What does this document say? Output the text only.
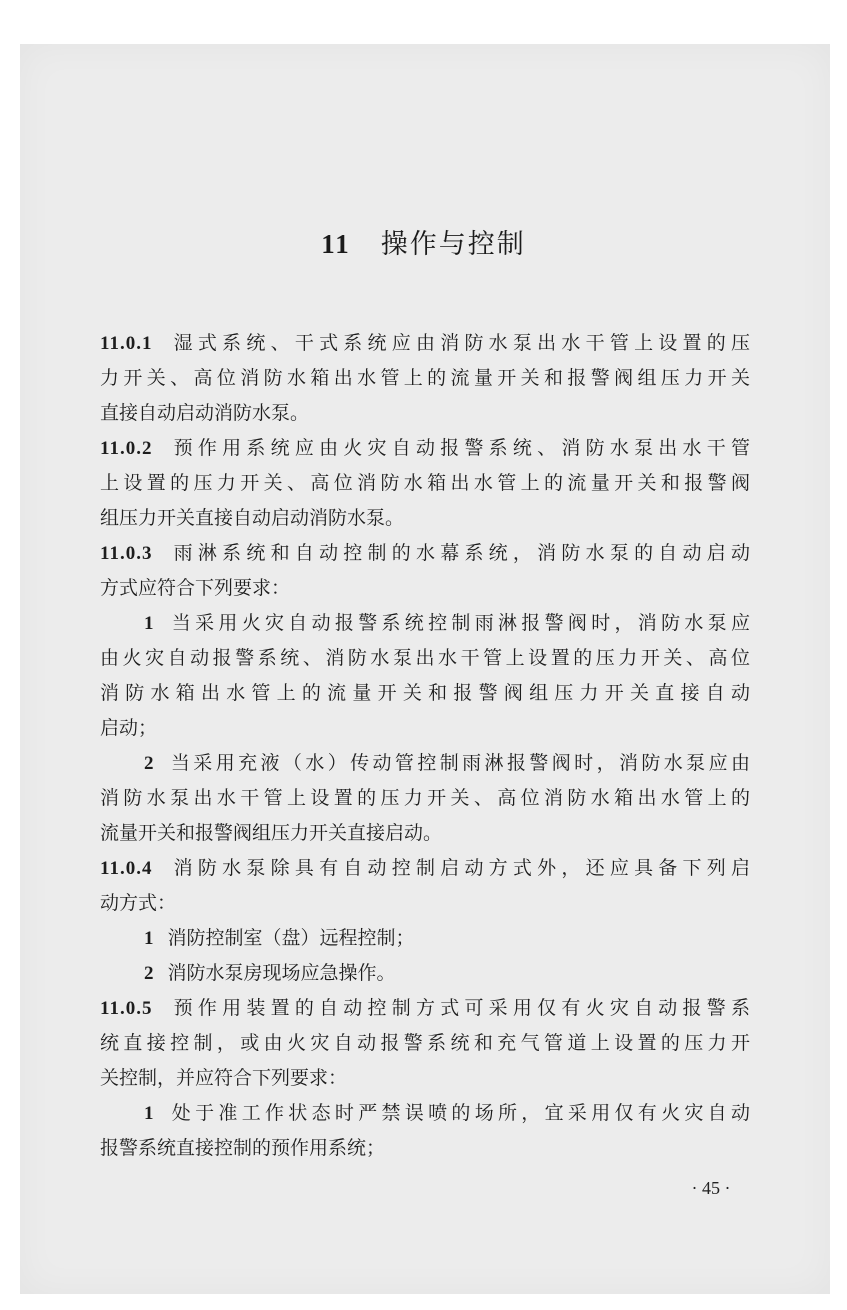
11 操作与控制
11.0.1 湿式系统、干式系统应由消防水泵出水干管上设置的压
力开关、高位消防水箱出水管上的流量开关和报警阀组压力开关
直接自动启动消防水泵。
11.0.2 预作用系统应由火灾自动报警系统、消防水泵出水干管
上设置的压力开关、高位消防水箱出水管上的流量开关和报警阀
组压力开关直接自动启动消防水泵。
11.0.3 雨淋系统和自动控制的水幕系统，消防水泵的自动启动
方式应符合下列要求：
1 当采用火灾自动报警系统控制雨淋报警阀时，消防水泵应
由火灾自动报警系统、消防水泵出水干管上设置的压力开关、高位
消防水箱出水管上的流量开关和报警阀组压力开关直接自动
启动；
2 当采用充液（水）传动管控制雨淋报警阀时，消防水泵应由
消防水泵出水干管上设置的压力开关、高位消防水箱出水管上的
流量开关和报警阀组压力开关直接启动。
11.0.4 消防水泵除具有自动控制启动方式外，还应具备下列启
动方式：
1 消防控制室（盘）远程控制；
2 消防水泵房现场应急操作。
11.0.5 预作用装置的自动控制方式可采用仅有火灾自动报警系
统直接控制，或由火灾自动报警系统和充气管道上设置的压力开
关控制，并应符合下列要求：
1 处于准工作状态时严禁误喷的场所，宜采用仅有火灾自动
报警系统直接控制的预作用系统；
· 45 ·
